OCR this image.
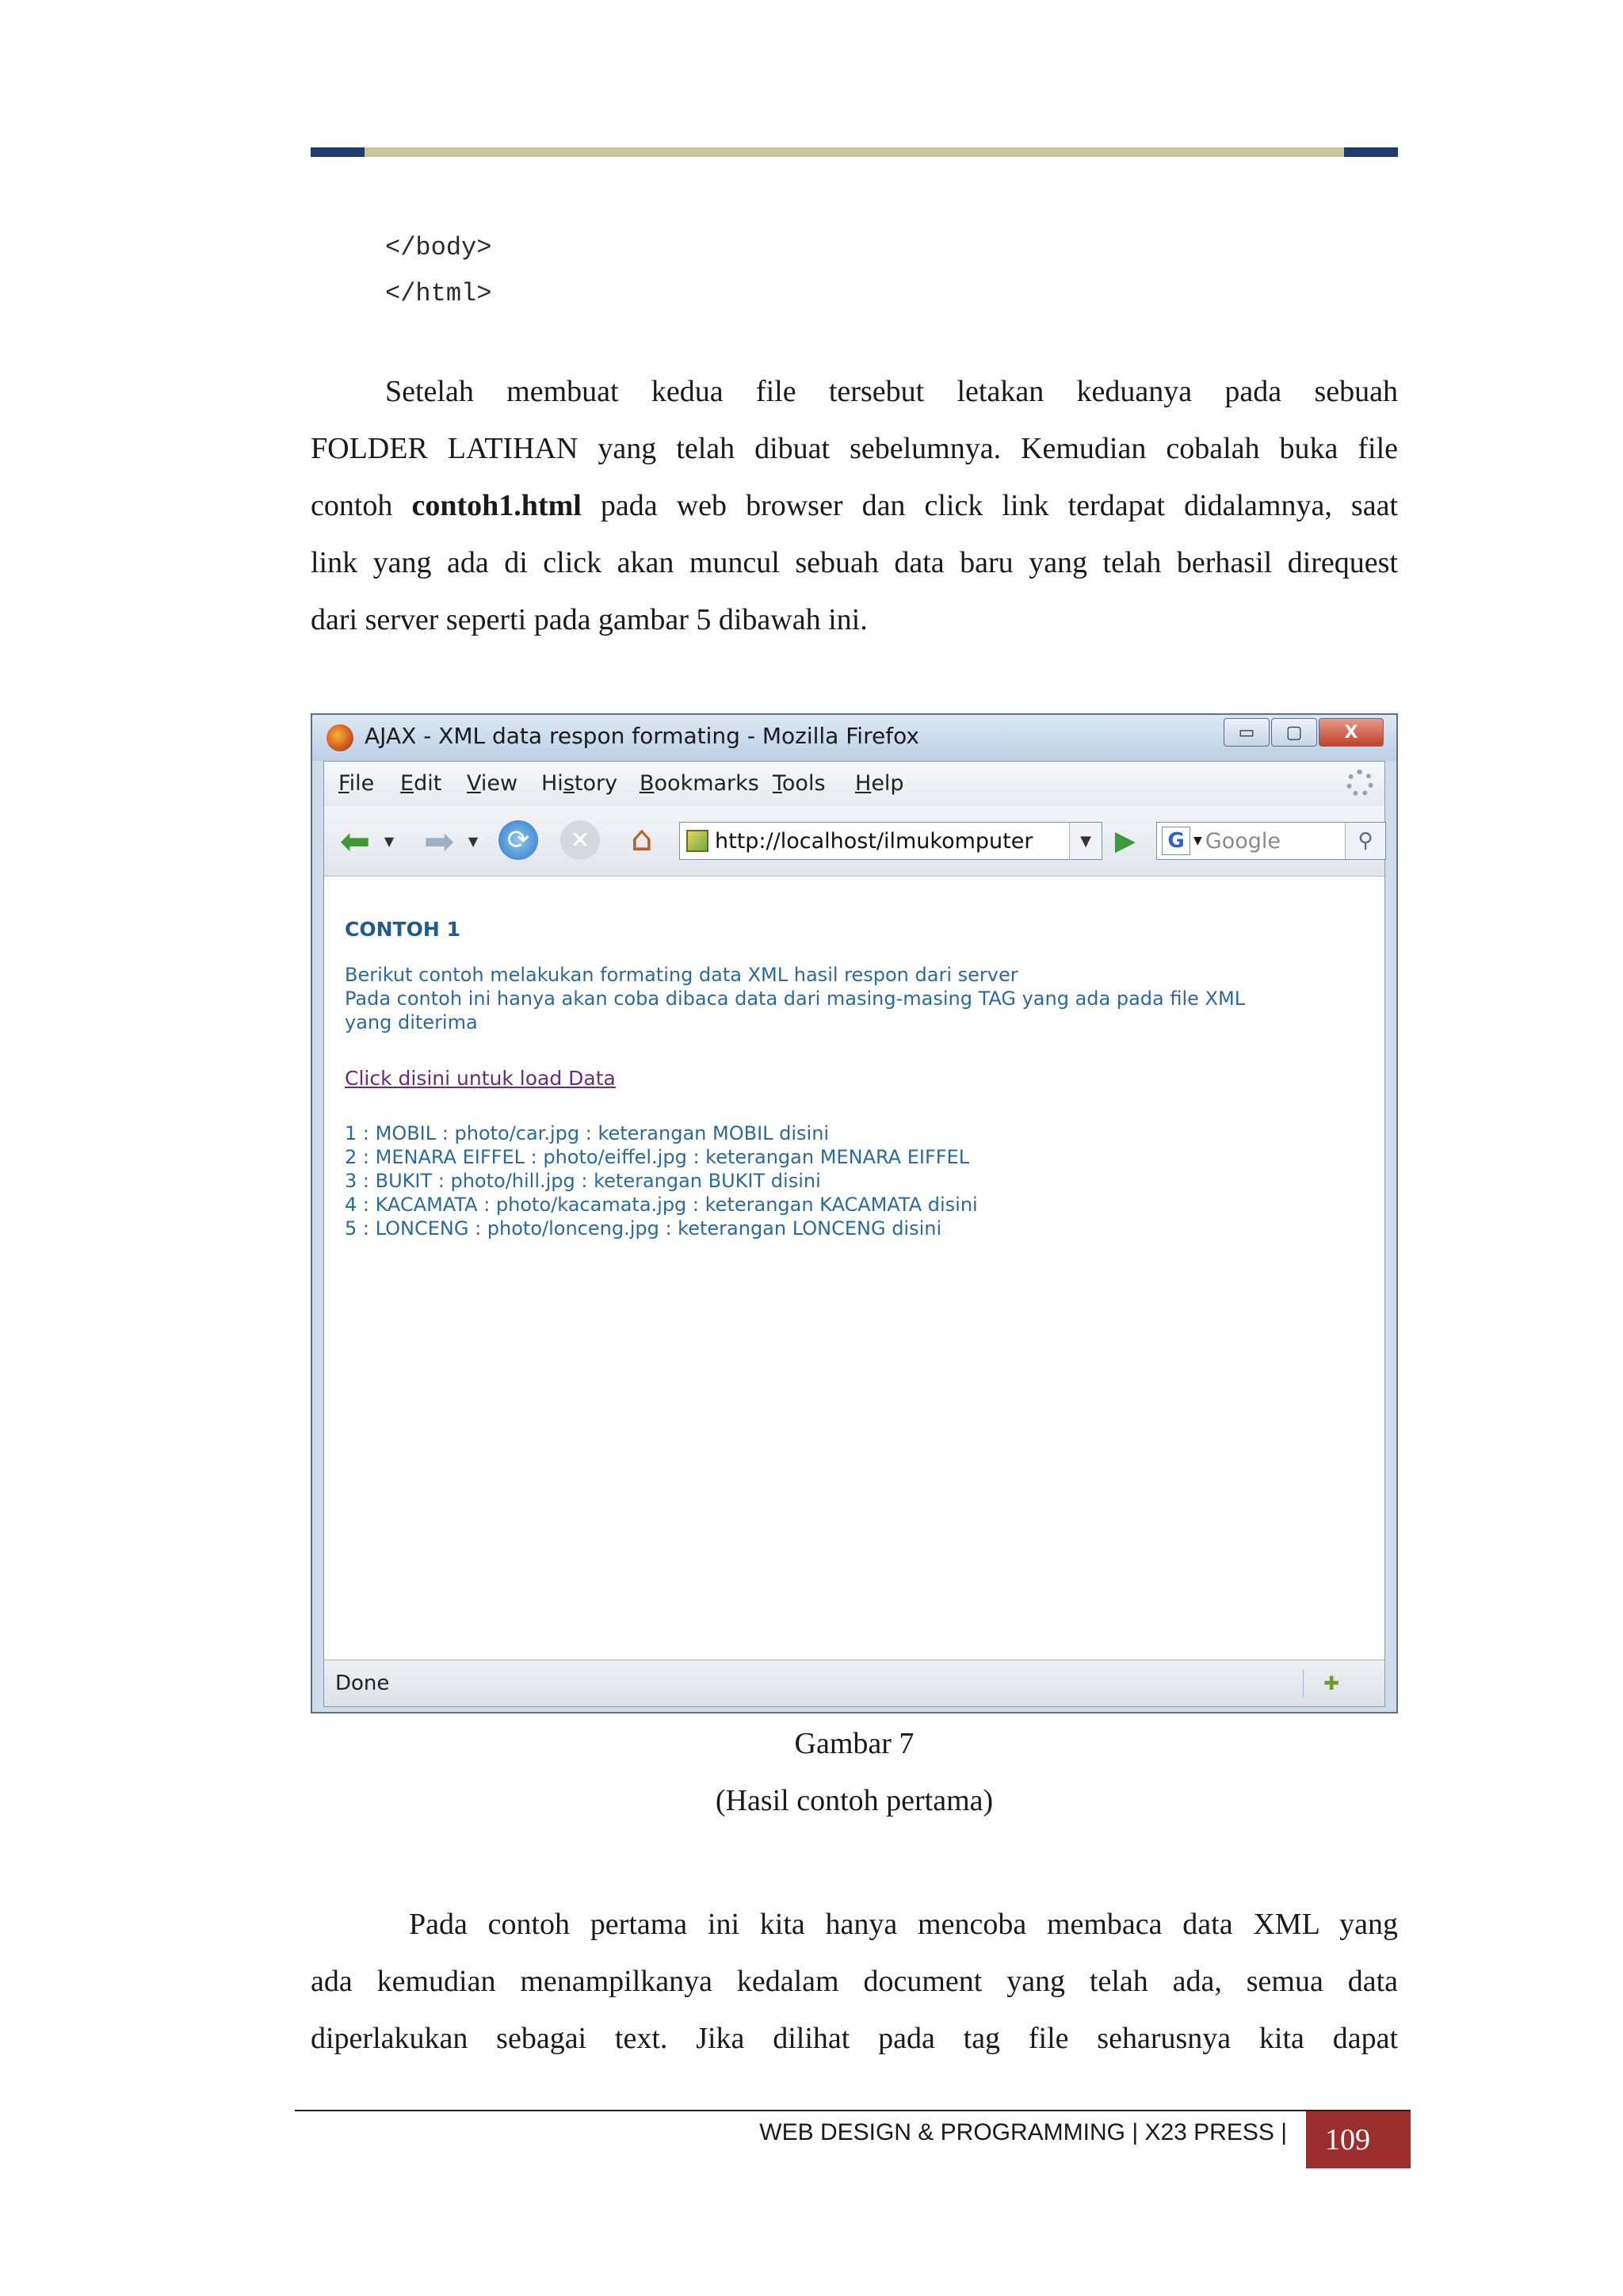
</body>
</html>
Setelah membuat kedua file tersebut letakan keduanya pada sebuah
FOLDER LATIHAN yang telah dibuat sebelumnya. Kemudian cobalah buka file
contoh contoh1.html pada web browser dan click link terdapat didalamnya, saat
link yang ada di click akan muncul sebuah data baru yang telah berhasil direquest
dari server seperti pada gambar 5 dibawah ini.
AJAX - XML data respon formating - Mozilla Firefox	▭	▢	X
File Edit View History Bookmarks Tools Help
⬅	▼ ➡	▼	⟳	✕ ⌂	http://localhost/ilmukomputer	▼ ▶	G ▼ Google	⚲
CONTOH 1
Berikut contoh melakukan formating data XML hasil respon dari server
Pada contoh ini hanya akan coba dibaca data dari masing-masing TAG yang ada pada file XML
yang diterima
Click disini untuk load Data
1 : MOBIL : photo/car.jpg : keterangan MOBIL disini
2 : MENARA EIFFEL : photo/eiffel.jpg : keterangan MENARA EIFFEL
3 : BUKIT : photo/hill.jpg : keterangan BUKIT disini
4 : KACAMATA : photo/kacamata.jpg : keterangan KACAMATA disini
5 : LONCENG : photo/lonceng.jpg : keterangan LONCENG disini
Done	✚
Gambar 7
(Hasil contoh pertama)
Pada contoh pertama ini kita hanya mencoba membaca data XML yang
ada kemudian menampilkanya kedalam document yang telah ada, semua data
diperlakukan sebagai text. Jika dilihat pada tag file seharusnya kita dapat
WEB DESIGN & PROGRAMMING | X23 PRESS |	109
